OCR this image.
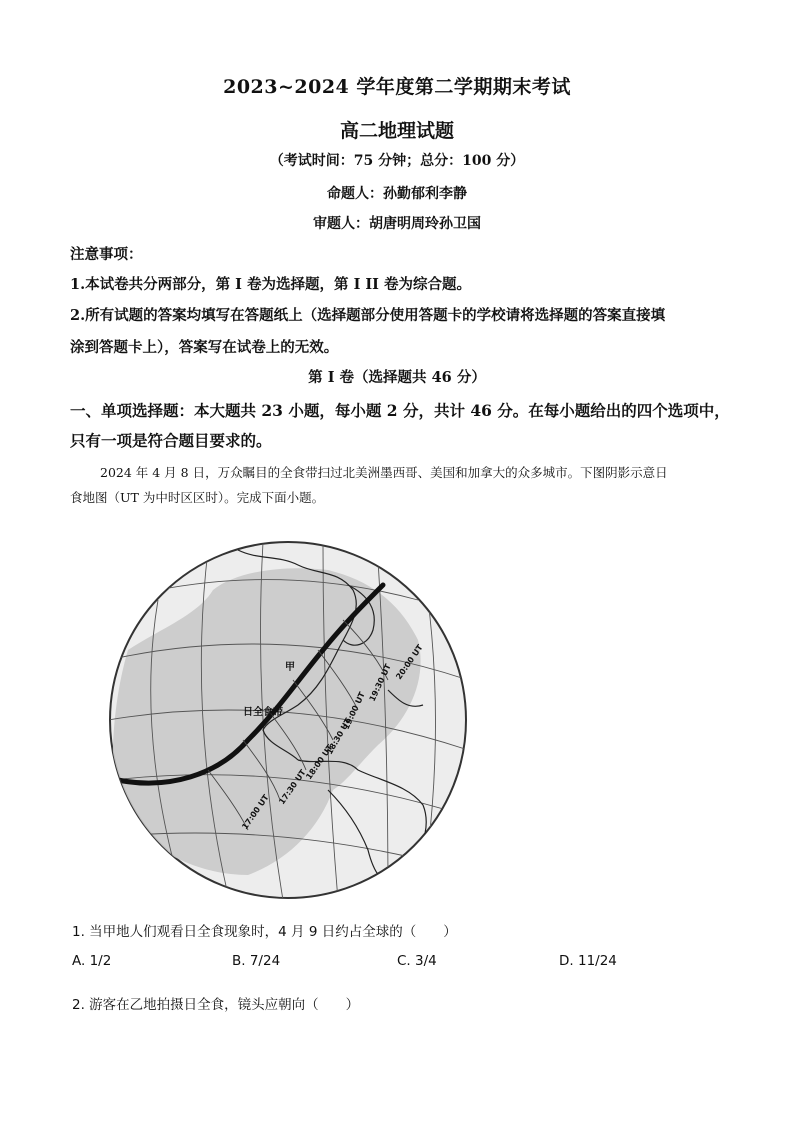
2023~2024 学年度第二学期期末考试
高二地理试题
（考试时间：75 分钟；总分：100 分）
命题人：孙勤郁利李静
审题人：胡唐明周玲孙卫国
注意事项：
1.本试卷共分两部分，第 I 卷为选择题，第 I II 卷为综合题。
2.所有试题的答案均填写在答题纸上（选择题部分使用答题卡的学校请将选择题的答案直接填
涂到答题卡上），答案写在试卷上的无效。
第 I 卷（选择题共 46 分）
一、单项选择题：本大题共 23 小题，每小题 2 分，共计 46 分。在每小题给出的四个选项中，
只有一项是符合题目要求的。
2024 年 4 月 8 日，万众瞩目的全食带扫过北美洲墨西哥、美国和加拿大的众多城市。下图阴影示意日
食地图（UT 为中时区区时）。完成下面小题。
甲
日全食带
20:00 UT
19:30 UT
19:00 UT
18:30 UT
18:00 UT
17:30 UT
17:00 UT
1. 当甲地人们观看日全食现象时，4 月 9 日约占全球的（　　）
A. 1/2	B. 7/24	C. 3/4	D. 11/24
2. 游客在乙地拍摄日全食，镜头应朝向（　　）
